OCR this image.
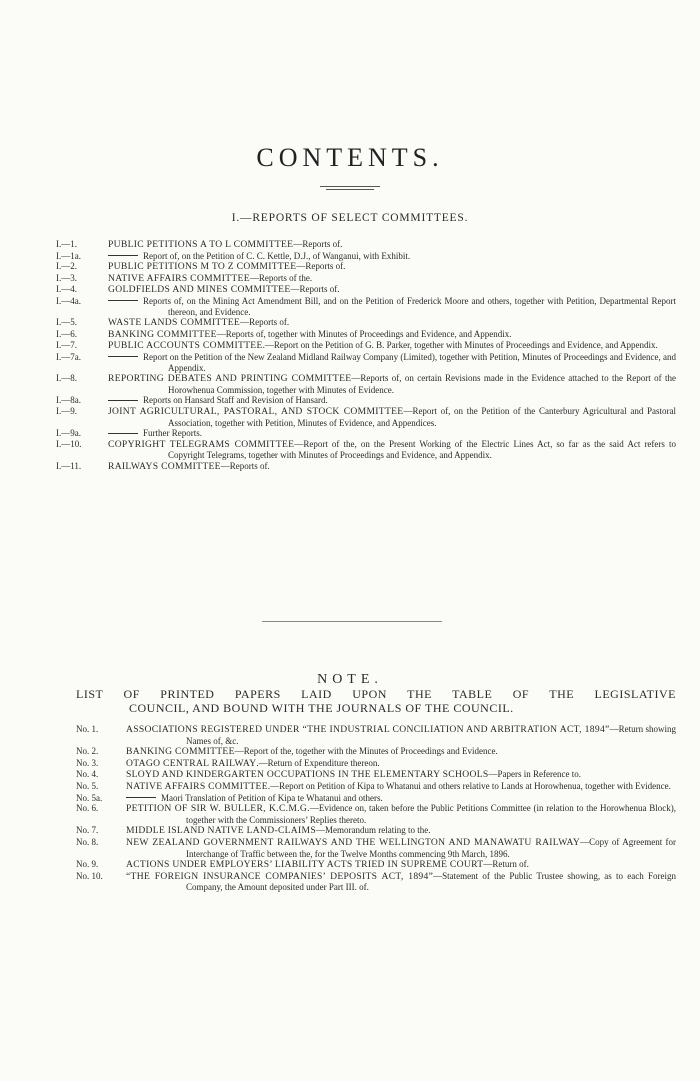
CONTENTS.
I.—REPORTS OF SELECT COMMITTEES.
I.—1.	PUBLIC PETITIONS A TO L COMMITTEE—Reports of.
I.—1a.	Report of, on the Petition of C. C. Kettle, D.J., of Wanganui, with Exhibit.
I.—2.	PUBLIC PETITIONS M TO Z COMMITTEE—Reports of.
I.—3.	NATIVE AFFAIRS COMMITTEE—Reports of the.
I.—4.	GOLDFIELDS AND MINES COMMITTEE—Reports of.
I.—4a.	Reports of, on the Mining Act Amendment Bill, and on the Petition of Frederick Moore and others, together with Petition, Departmental Report thereon, and Evidence.
I.—5.	WASTE LANDS COMMITTEE—Reports of.
I.—6.	BANKING COMMITTEE—Reports of, together with Minutes of Proceedings and Evidence, and Appendix.
I.—7.	PUBLIC ACCOUNTS COMMITTEE.—Report on the Petition of G. B. Parker, together with Minutes of Proceedings and Evidence, and Appendix.
I.—7a.	Report on the Petition of the New Zealand Midland Railway Company (Limited), together with Petition, Minutes of Proceedings and Evidence, and Appendix.
I.—8.	REPORTING DEBATES AND PRINTING COMMITTEE—Reports of, on certain Revisions made in the Evidence attached to the Report of the Horowhenua Commission, together with Minutes of Evidence.
I.—8a.	Reports on Hansard Staff and Revision of Hansard.
I.—9.	JOINT AGRICULTURAL, PASTORAL, AND STOCK COMMITTEE—Report of, on the Petition of the Canterbury Agricultural and Pastoral Association, together with Petition, Minutes of Evidence, and Appendices.
I.—9a.	Further Reports.
I.—10.	COPYRIGHT TELEGRAMS COMMITTEE—Report of the, on the Present Working of the Electric Lines Act, so far as the said Act refers to Copyright Telegrams, together with Minutes of Proceedings and Evidence, and Appendix.
I.—11.	RAILWAYS COMMITTEE—Reports of.
NOTE.
LIST OF PRINTED PAPERS LAID UPON THE TABLE OF THE LEGISLATIVE
COUNCIL, AND BOUND WITH THE JOURNALS OF THE COUNCIL.
No. 1.	ASSOCIATIONS REGISTERED UNDER “THE INDUSTRIAL CONCILIATION AND ARBITRATION ACT, 1894”—Return showing Names of, &c.
No. 2.	BANKING COMMITTEE—Report of the, together with the Minutes of Proceedings and Evidence.
No. 3.	OTAGO CENTRAL RAILWAY.—Return of Expenditure thereon.
No. 4.	SLOYD AND KINDERGARTEN OCCUPATIONS IN THE ELEMENTARY SCHOOLS—Papers in Reference to.
No. 5.	NATIVE AFFAIRS COMMITTEE.—Report on Petition of Kipa to Whatanui and others relative to Lands at Horowhenua, together with Evidence.
No. 5a.	Maori Translation of Petition of Kipa te Whatanui and others.
No. 6.	PETITION OF SIR W. BULLER, K.C.M.G.—Evidence on, taken before the Public Petitions Committee (in relation to the Horowhenua Block), together with the Commissioners’ Replies thereto.
No. 7.	MIDDLE ISLAND NATIVE LAND-CLAIMS—Memorandum relating to the.
No. 8.	NEW ZEALAND GOVERNMENT RAILWAYS AND THE WELLINGTON AND MANAWATU RAILWAY—Copy of Agreement for Interchange of Traffic between the, for the Twelve Months commencing 9th March, 1896.
No. 9.	ACTIONS UNDER EMPLOYERS’ LIABILITY ACTS TRIED IN SUPREME COURT—Return of.
No. 10.	“THE FOREIGN INSURANCE COMPANIES’ DEPOSITS ACT, 1894”—Statement of the Public Trustee showing, as to each Foreign Company, the Amount deposited under Part III. of.
